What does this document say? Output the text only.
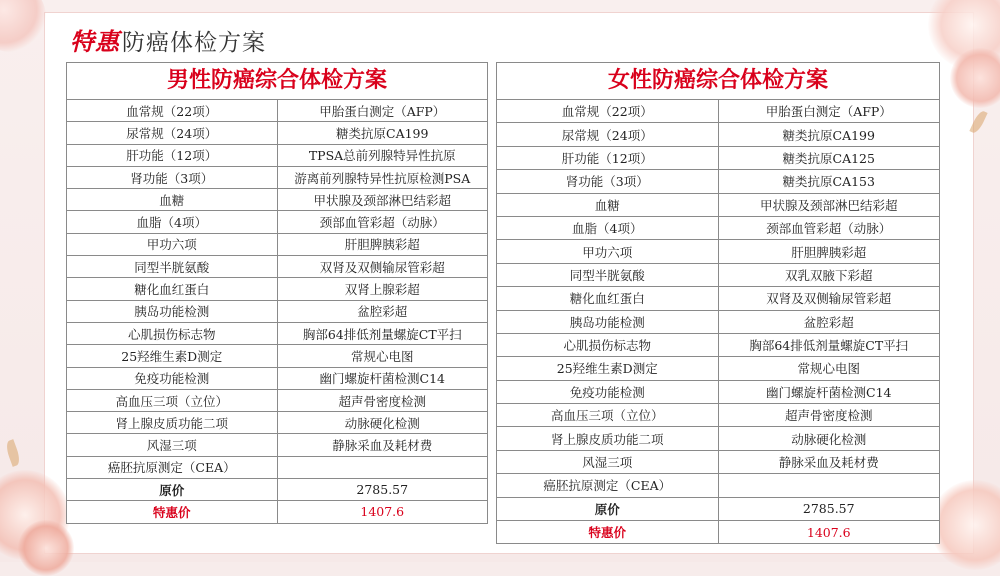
特惠 防癌体检方案
男性防癌综合体检方案
血常规（22项）	甲胎蛋白测定（AFP）
尿常规（24项）	糖类抗原CA199
肝功能（12项）	TPSA总前列腺特异性抗原
肾功能（3项）	游离前列腺特异性抗原检测PSA
血糖	甲状腺及颈部淋巴结彩超
血脂（4项）	颈部血管彩超（动脉）
甲功六项	肝胆脾胰彩超
同型半胱氨酸	双肾及双侧输尿管彩超
糖化血红蛋白	双肾上腺彩超
胰岛功能检测	盆腔彩超
心肌损伤标志物	胸部64排低剂量螺旋CT平扫
25羟维生素D测定	常规心电图
免疫功能检测	幽门螺旋杆菌检测C14
高血压三项（立位）	超声骨密度检测
肾上腺皮质功能二项	动脉硬化检测
风湿三项	静脉采血及耗材费
癌胚抗原测定（CEA）	
原价	2785.57
特惠价	1407.6
女性防癌综合体检方案
血常规（22项）	甲胎蛋白测定（AFP）
尿常规（24项）	糖类抗原CA199
肝功能（12项）	糖类抗原CA125
肾功能（3项）	糖类抗原CA153
血糖	甲状腺及颈部淋巴结彩超
血脂（4项）	颈部血管彩超（动脉）
甲功六项	肝胆脾胰彩超
同型半胱氨酸	双乳双腋下彩超
糖化血红蛋白	双肾及双侧输尿管彩超
胰岛功能检测	盆腔彩超
心肌损伤标志物	胸部64排低剂量螺旋CT平扫
25羟维生素D测定	常规心电图
免疫功能检测	幽门螺旋杆菌检测C14
高血压三项（立位）	超声骨密度检测
肾上腺皮质功能二项	动脉硬化检测
风湿三项	静脉采血及耗材费
癌胚抗原测定（CEA）	
原价	2785.57
特惠价	1407.6
